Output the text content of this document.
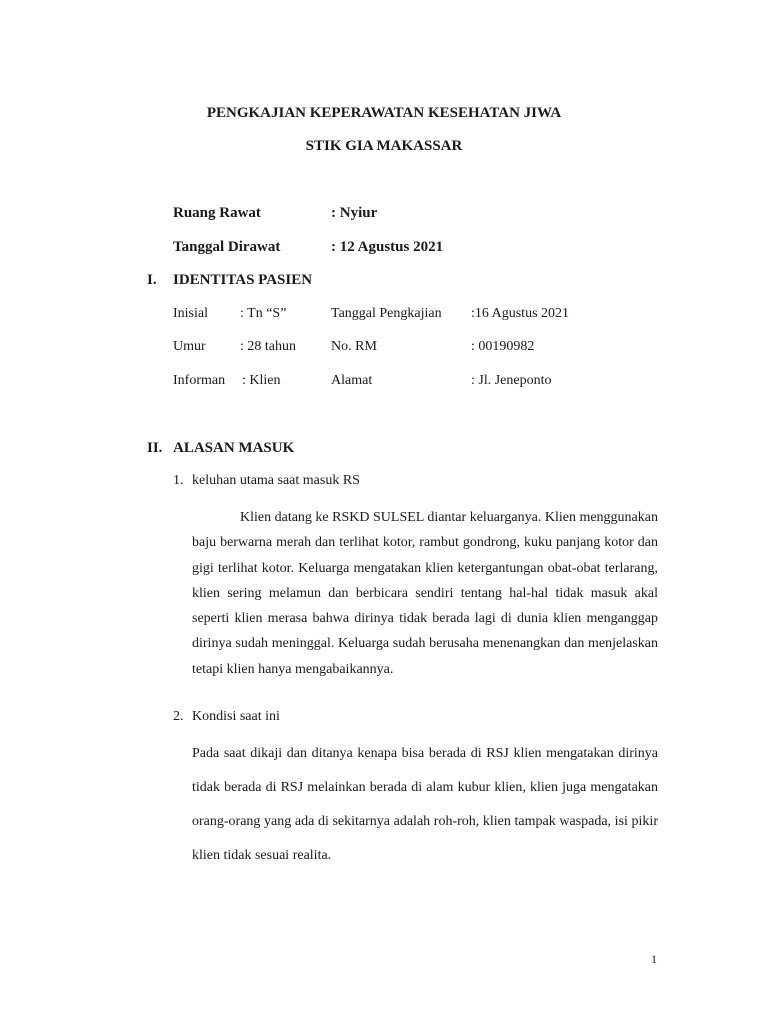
PENGKAJIAN KEPERAWATAN KESEHATAN JIWA
STIK GIA MAKASSAR
Ruang Rawat	: Nyiur
Tanggal Dirawat	: 12 Agustus 2021
I. IDENTITAS PASIEN
Inisial : Tn “S”	Tanggal Pengkajian :16 Agustus 2021
Umur : 28 tahun	No. RM	: 00190982
Informan : Klien	Alamat	: Jl. Jeneponto
II. ALASAN MASUK
1. keluhan utama saat masuk RS
Klien datang ke RSKD SULSEL diantar keluarganya. Klien menggunakan baju berwarna merah dan terlihat kotor, rambut gondrong, kuku panjang kotor dan gigi terlihat kotor. Keluarga mengatakan klien ketergantungan obat-obat terlarang, klien sering melamun dan berbicara sendiri tentang hal-hal tidak masuk akal seperti klien merasa bahwa dirinya tidak berada lagi di dunia klien menganggap dirinya sudah meninggal. Keluarga sudah berusaha menenangkan dan menjelaskan tetapi klien hanya mengabaikannya.
2. Kondisi saat ini
Pada saat dikaji dan ditanya kenapa bisa berada di RSJ klien mengatakan dirinya tidak berada di RSJ melainkan berada di alam kubur klien, klien juga mengatakan orang-orang yang ada di sekitarnya adalah roh-roh, klien tampak waspada, isi pikir klien tidak sesuai realita.
1
